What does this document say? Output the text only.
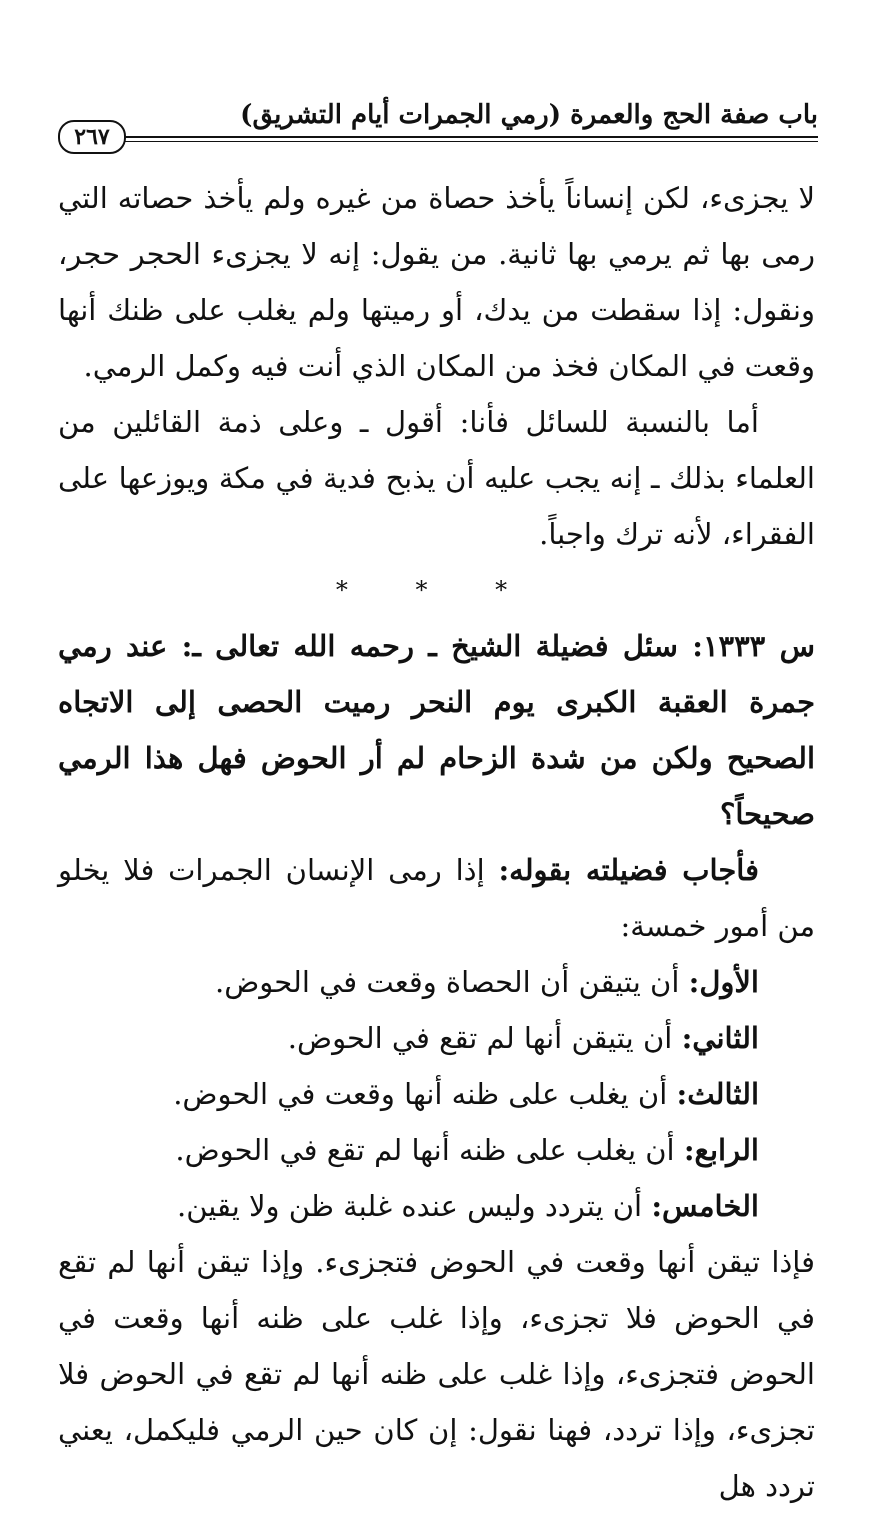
باب صفة الحج والعمرة (رمي الجمرات أيام التشريق)
٢٦٧

لا يجزىء، لكن إنساناً يأخذ حصاة من غيره ولم يأخذ حصاته التي رمى بها ثم يرمي بها ثانية. من يقول: إنه لا يجزىء الحجر حجر، ونقول: إذا سقطت من يدك، أو رميتها ولم يغلب على ظنك أنها وقعت في المكان فخذ من المكان الذي أنت فيه وكمل الرمي.

أما بالنسبة للسائل فأنا: أقول ـ وعلى ذمة القائلين من العلماء بذلك ـ إنه يجب عليه أن يذبح فدية في مكة ويوزعها على الفقراء، لأنه ترك واجباً.

* * *

س ١٣٣٣: سئل فضيلة الشيخ ـ رحمه الله تعالى ـ: عند رمي جمرة العقبة الكبرى يوم النحر رميت الحصى إلى الاتجاه الصحيح ولكن من شدة الزحام لم أر الحوض فهل هذا الرمي صحيحاً؟

فأجاب فضيلته بقوله: إذا رمى الإنسان الجمرات فلا يخلو من أمور خمسة:

الأول: أن يتيقن أن الحصاة وقعت في الحوض.

الثاني: أن يتيقن أنها لم تقع في الحوض.

الثالث: أن يغلب على ظنه أنها وقعت في الحوض.

الرابع: أن يغلب على ظنه أنها لم تقع في الحوض.

الخامس: أن يتردد وليس عنده غلبة ظن ولا يقين.

فإذا تيقن أنها وقعت في الحوض فتجزىء. وإذا تيقن أنها لم تقع في الحوض فلا تجزىء، وإذا غلب على ظنه أنها وقعت في الحوض فتجزىء، وإذا غلب على ظنه أنها لم تقع في الحوض فلا تجزىء، وإذا تردد، فهنا نقول: إن كان حين الرمي فليكمل، يعني تردد هل
